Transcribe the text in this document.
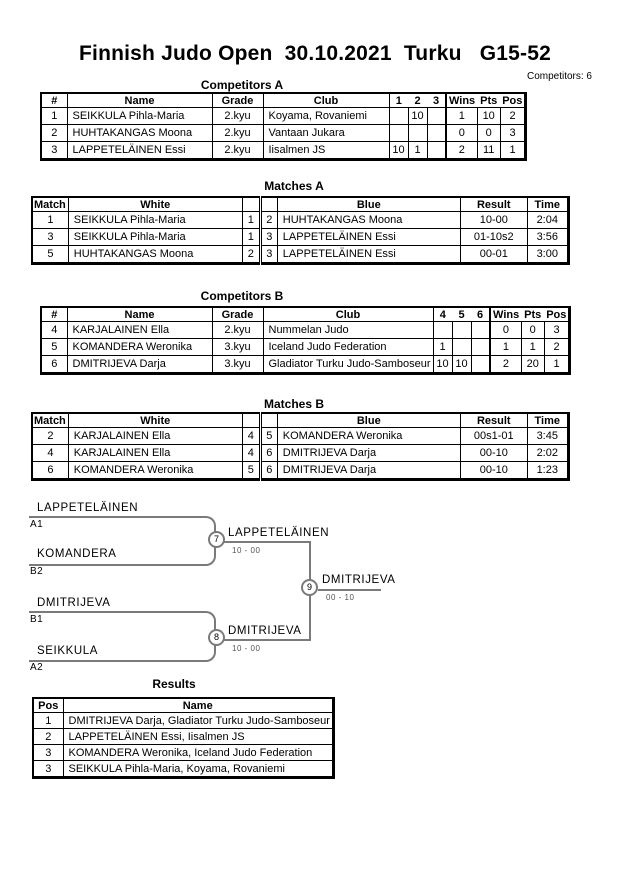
Finnish Judo Open  30.10.2021  Turku   G15-52
Competitors: 6
Competitors A
#	Name	Grade	Club	1	2	3	Wins	Pts	Pos
1	SEIKKULA Pihla-Maria	2.kyu	Koyama, Rovaniemi		10		1	10	2
2	HUHTAKANGAS Moona	2.kyu	Vantaan Jukara				0	0	3
3	LAPPETELÄINEN Essi	2.kyu	Iisalmen JS	10	1		2	11	1
Matches A
Match	White			Blue	Result	Time
1	SEIKKULA Pihla-Maria	1	2	HUHTAKANGAS Moona	10-00	2:04
3	SEIKKULA Pihla-Maria	1	3	LAPPETELÄINEN Essi	01-10s2	3:56
5	HUHTAKANGAS Moona	2	3	LAPPETELÄINEN Essi	00-01	3:00
Competitors B
#	Name	Grade	Club	4	5	6	Wins	Pts	Pos
4	KARJALAINEN Ella	2.kyu	Nummelan Judo				0	0	3
5	KOMANDERA Weronika	3.kyu	Iceland Judo Federation	1			1	1	2
6	DMITRIJEVA Darja	3.kyu	Gladiator Turku Judo-Samboseur	10	10		2	20	1
Matches B
Match	White			Blue	Result	Time
2	KARJALAINEN Ella	4	5	KOMANDERA Weronika	00s1-01	3:45
4	KARJALAINEN Ella	4	6	DMITRIJEVA Darja	00-10	2:02
6	KOMANDERA Weronika	5	6	DMITRIJEVA Darja	00-10	1:23
LAPPETELÄINEN
A1
KOMANDERA
B2
DMITRIJEVA
B1
SEIKKULA
A2
7 LAPPETELÄINEN
10 - 00
8 DMITRIJEVA
10 - 00
9
DMITRIJEVA
00 - 10
Results
Pos	Name
1	DMITRIJEVA Darja, Gladiator Turku Judo-Samboseur
2	LAPPETELÄINEN Essi, Iisalmen JS
3	KOMANDERA Weronika, Iceland Judo Federation
3	SEIKKULA Pihla-Maria, Koyama, Rovaniemi
